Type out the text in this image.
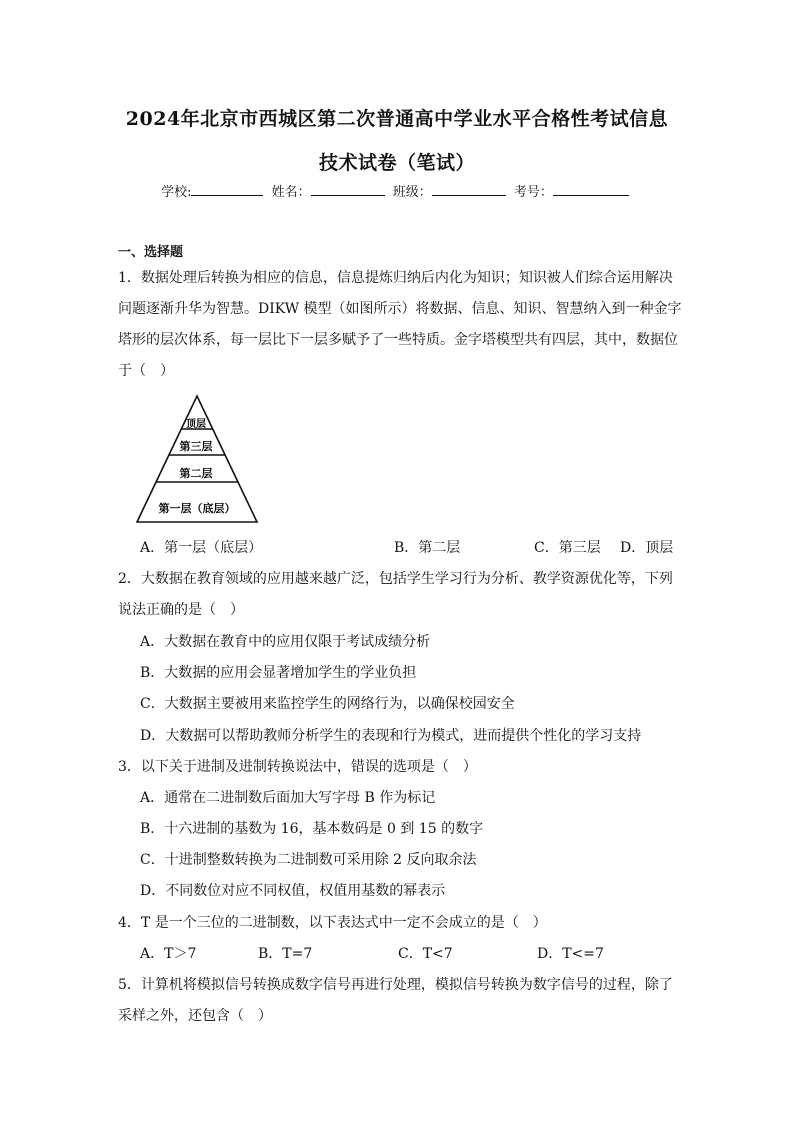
2024年北京市西城区第二次普通高中学业水平合格性考试信息
技术试卷（笔试）
学校:	姓名：	班级：	考号：
一、选择题
1．数据处理后转换为相应的信息，信息提炼归纳后内化为知识；知识被人们综合运用解决
问题逐渐升华为智慧。DIKW 模型（如图所示）将数据、信息、知识、智慧纳入到一种金字
塔形的层次体系，每一层比下一层多赋予了一些特质。金字塔模型共有四层，其中，数据位
于（　）
顶层
第三层
第二层
第一层（底层）
A．第一层（底层）	B．第二层	C．第三层 D．顶层
2．大数据在教育领域的应用越来越广泛，包括学生学习行为分析、教学资源优化等，下列
说法正确的是（　）
A．大数据在教育中的应用仅限于考试成绩分析
B．大数据的应用会显著增加学生的学业负担
C．大数据主要被用来监控学生的网络行为，以确保校园安全
D．大数据可以帮助教师分析学生的表现和行为模式，进而提供个性化的学习支持
3．以下关于进制及进制转换说法中，错误的选项是（　）
A．通常在二进制数后面加大写字母 B 作为标记
B．十六进制的基数为 16，基本数码是 0 到 15 的数字
C．十进制整数转换为二进制数可采用除 2 反向取余法
D．不同数位对应不同权值，权值用基数的幂表示
4．T 是一个三位的二进制数，以下表达式中一定不会成立的是（　）
A．T＞7	B．T=7	C．T<7	D．T<=7
5．计算机将模拟信号转换成数字信号再进行处理，模拟信号转换为数字信号的过程，除了
采样之外，还包含（　）
